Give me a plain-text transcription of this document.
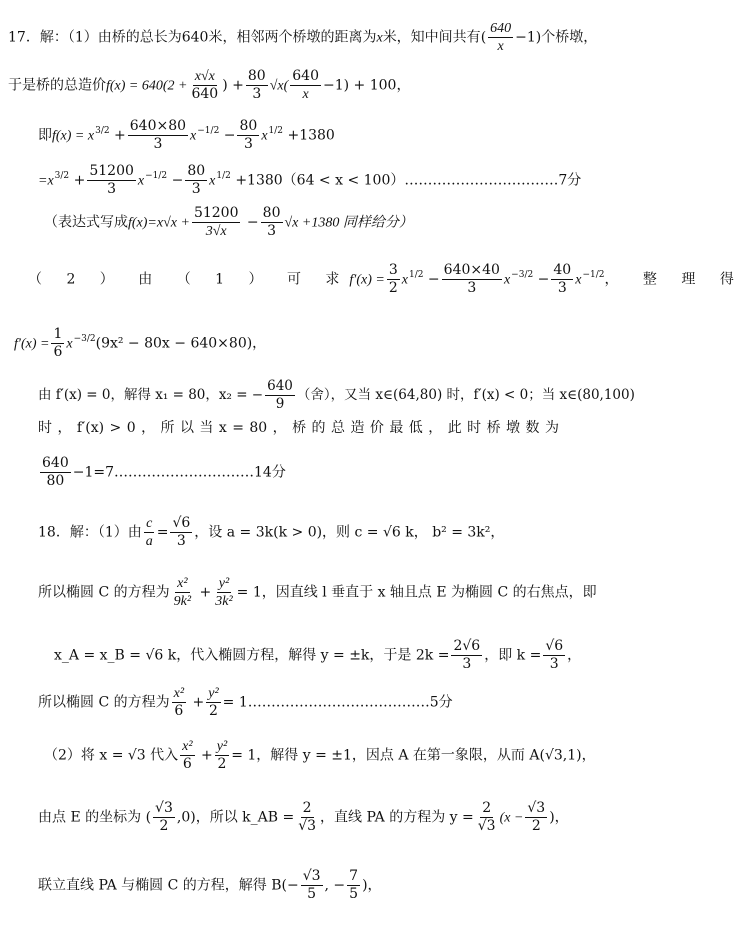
17．解：（1）由桥的总长为640米，相邻两个桥墩的距离为x米，知中间共有( $\frac{640}{x} -1$)个桥墩，
于是桥的总造价$f(x) = 640(2 + \frac{x√x}{640}$ ) + $\frac{80}{3} √x( \frac{640}{x} -1) + 100$，
即$f(x) = x^{3/2} + \frac{640\times 80}{3} x^{-1/2} - \frac{80}{3} x^{1/2} +1380$
$=x^{3/2} + \frac{51200}{3} x^{-1/2} - \frac{80}{3} x^{1/2} +1380(64 < x$ < 100）……………………………7分
（表达式写成$f(x)=x√x + \frac{51200}{3√x} - \frac{80}{3} √x +1380$ 同样给分）
（ 2 ） 由 （ 1 ） 可 求$f'(x) = \frac{3}{2} x^{1/2} - \frac{640\times 40}{3} x^{-3/2} - \frac{40}{3} x^{-1/2}$， 整 理 得
$f'(x) = \frac{1}{6} x^{-3/2}(9x^2 - 80x - 640\times 80)$，
由 f′(x) = 0，解得 x₁ = 80，x₂ = − $\frac{640}{9}$ （舍），又当 x∈(64,80) 时，f′(x) < 0；当 x∈(80,100)
时 ， f′(x) > 0 ， 所 以 当 x = 80 ， 桥 的 总 造 价 最 低 ， 此 时 桥 墩 数 为
$\frac{640}{80}$ −1=7…………………………14分
18．解：（1）由 $\frac{c}{a} = \frac{√6}{3}$ ，设 a = 3k(k > 0)，则 c = √6 k， b² = 3k²，
所以椭圆 C 的方程为 $\frac{\text{x²}}{\text{9k²}} + \frac{\text{y²}}{\text{3k²}} = 1$，因直线 l 垂直于 x 轴且点 E 为椭圆 C 的右焦点，即
x_A = x_B = √6 k，代入椭圆方程，解得 y = ±k，于是 $2k = \frac{2√6}{3}$ ，即 $k = \frac{√6}{3}$ ，
所以椭圆 C 的方程为 $\frac{\text{x²}}{6} + \frac{\text{y²}}{2}$ = 1…………………………………5分
（2）将 x = √3 代入 $\frac{\text{x²}}{6} + \frac{\text{y²}}{2} = 1$，解得 y = ±1，因点 A 在第一象限，从而 A(√3,1)，
由点 E 的坐标为 ( $\frac{√3}{2} ,0$)，所以 k_AB = $\frac{2}{√3}$ ，直线 PA 的方程为 $y = \frac{2}{√3} (x - \frac{√3}{2}$ )，
联立直线 PA 与椭圆 C 的方程，解得 $B(- \frac{√3}{5}$ , − $\frac{7}{5}$ )，
